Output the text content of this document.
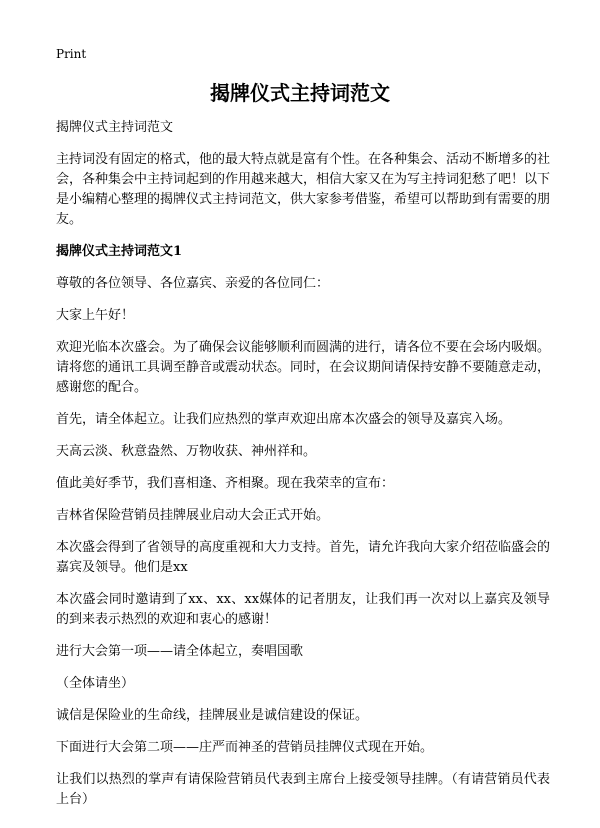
Print
揭牌仪式主持词范文

揭牌仪式主持词范文

主持词没有固定的格式，他的最大特点就是富有个性。在各种集会、活动不断增多的社会，各种集会中主持词起到的作用越来越大，相信大家又在为写主持词犯愁了吧！以下是小编精心整理的揭牌仪式主持词范文，供大家参考借鉴，希望可以帮助到有需要的朋友。

揭牌仪式主持词范文1

尊敬的各位领导、各位嘉宾、亲爱的各位同仁：

大家上午好！

欢迎光临本次盛会。为了确保会议能够顺利而圆满的进行，请各位不要在会场内吸烟。请将您的通讯工具调至静音或震动状态。同时，在会议期间请保持安静不要随意走动，感谢您的配合。

首先，请全体起立。让我们应热烈的掌声欢迎出席本次盛会的领导及嘉宾入场。

天高云淡、秋意盎然、万物收获、神州祥和。

值此美好季节，我们喜相逢、齐相聚。现在我荣幸的宣布：

吉林省保险营销员挂牌展业启动大会正式开始。

本次盛会得到了省领导的高度重视和大力支持。首先，请允许我向大家介绍莅临盛会的嘉宾及领导。他们是xx

本次盛会同时邀请到了xx、xx、xx媒体的记者朋友，让我们再一次对以上嘉宾及领导的到来表示热烈的欢迎和衷心的感谢！

进行大会第一项——请全体起立，奏唱国歌

（全体请坐）

诚信是保险业的生命线，挂牌展业是诚信建设的保证。

下面进行大会第二项——庄严而神圣的营销员挂牌仪式现在开始。

让我们以热烈的掌声有请保险营销员代表到主席台上接受领导挂牌。（有请营销员代表上台）
